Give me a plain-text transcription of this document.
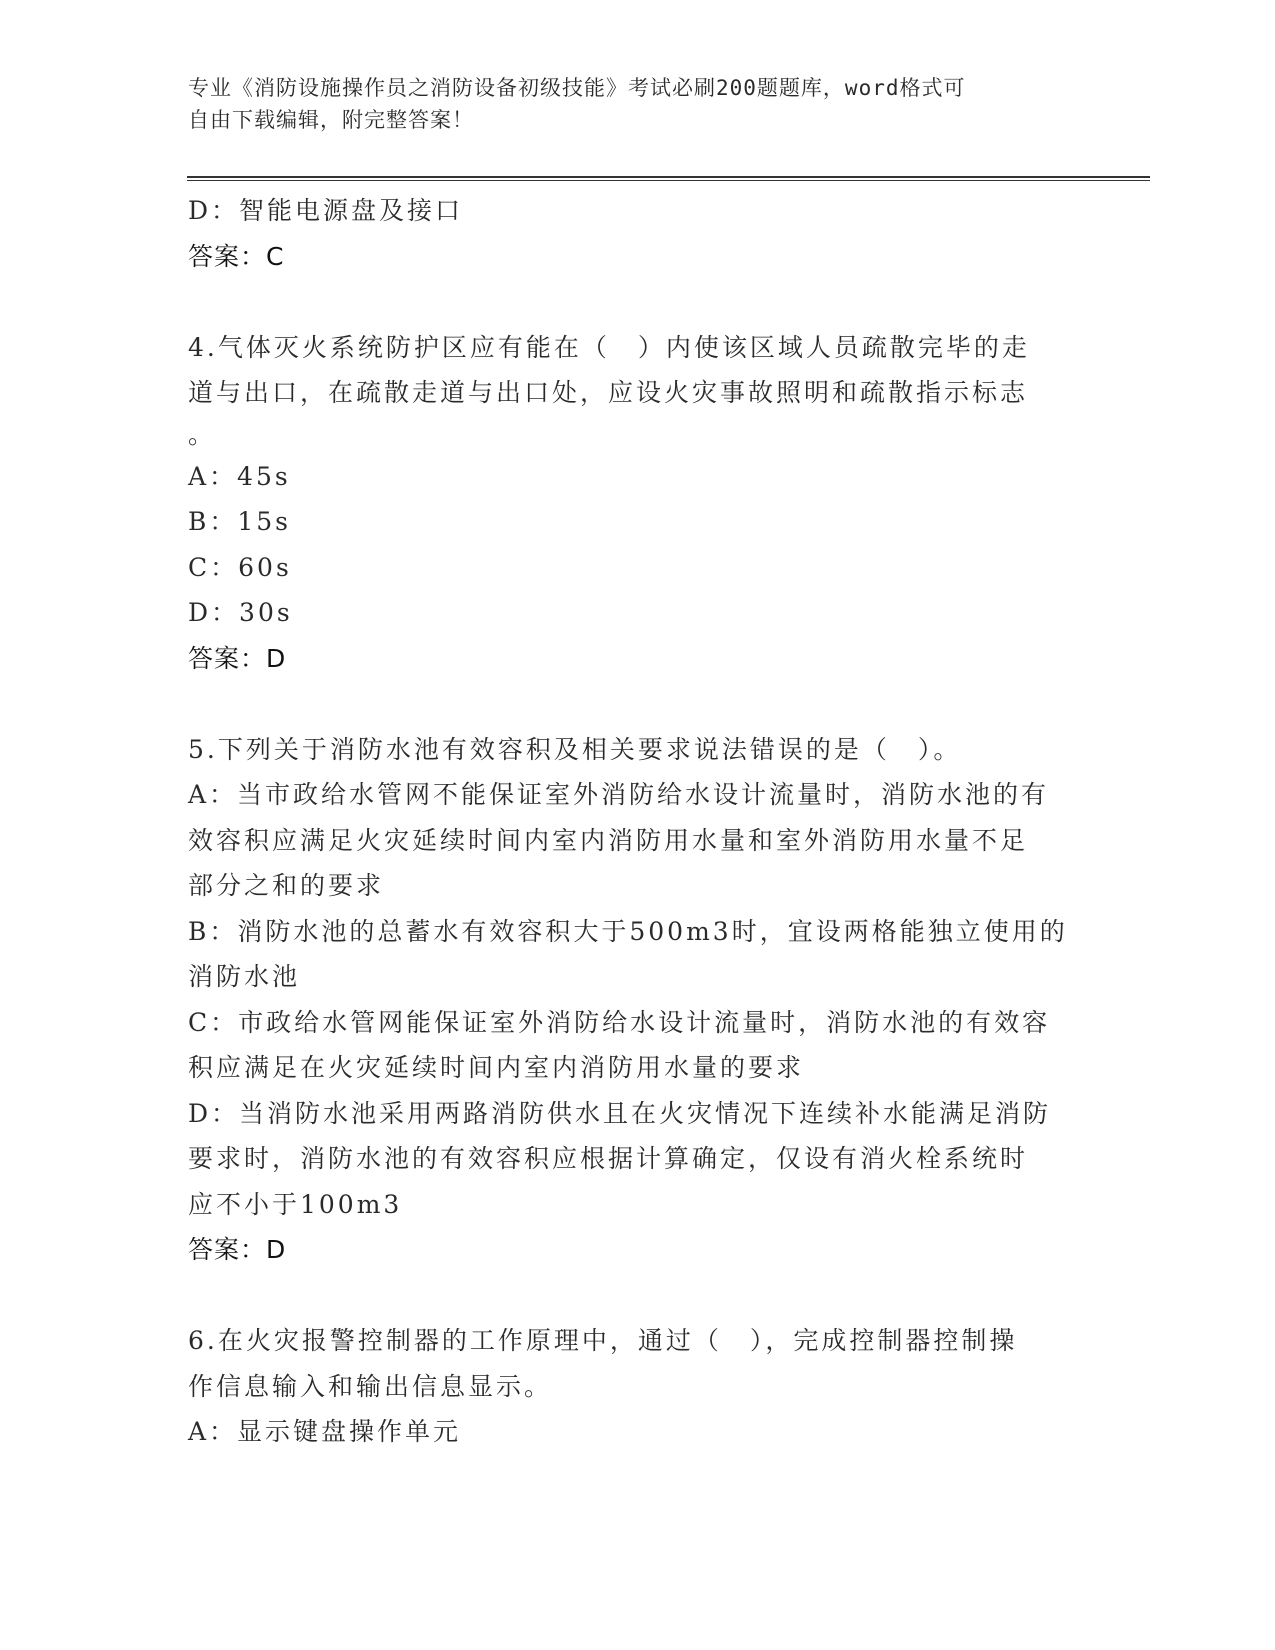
专业《消防设施操作员之消防设备初级技能》考试必刷200题题库，word格式可
自由下载编辑，附完整答案！

D：智能电源盘及接口

答案：C

4.气体灭火系统防护区应有能在（　）内使该区域人员疏散完毕的走

道与出口，在疏散走道与出口处，应设火灾事故照明和疏散指示标志

。

A：45s

B：15s

C：60s

D：30s

答案：D

5.下列关于消防水池有效容积及相关要求说法错误的是（　）。

A：当市政给水管网不能保证室外消防给水设计流量时，消防水池的有

效容积应满足火灾延续时间内室内消防用水量和室外消防用水量不足

部分之和的要求

B：消防水池的总蓄水有效容积大于500m3时，宜设两格能独立使用的

消防水池

C：市政给水管网能保证室外消防给水设计流量时，消防水池的有效容

积应满足在火灾延续时间内室内消防用水量的要求

D：当消防水池采用两路消防供水且在火灾情况下连续补水能满足消防

要求时，消防水池的有效容积应根据计算确定，仅设有消火栓系统时

应不小于100m3

答案：D

6.在火灾报警控制器的工作原理中，通过（　），完成控制器控制操

作信息输入和输出信息显示。

A：显示键盘操作单元
